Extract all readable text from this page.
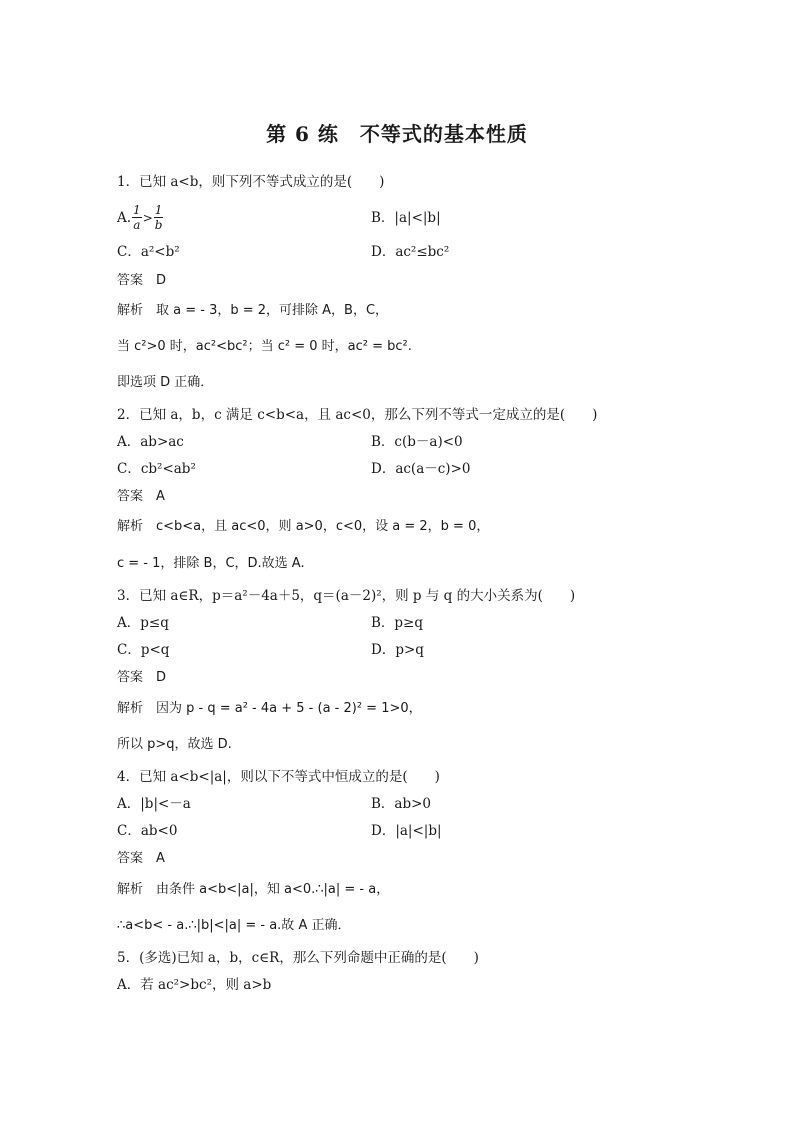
第 6 练　不等式的基本性质
1．已知 a<b，则下列不等式成立的是(　　)
A. $\frac{1}{a} > \frac{1}{b}$	B．|a|<|b|
C．a²<b²	D．ac²≤bc²
答案　D
解析　取 a = - 3，b = 2，可排除 A，B，C，
当 c²>0 时，ac²<bc²；当 c² = 0 时，ac² = bc².
即选项 D 正确．
2．已知 a，b，c 满足 c<b<a，且 ac<0，那么下列不等式一定成立的是(　　)
A．ab>ac	B．c(b－a)<0
C．cb²<ab²	D．ac(a－c)>0
答案　A
解析　c<b<a，且 ac<0，则 a>0，c<0，设 a = 2，b = 0，
c = - 1，排除 B，C，D.故选 A.
3．已知 a∈R，p＝a²－4a＋5，q＝(a－2)²，则 p 与 q 的大小关系为(　　)
A．p≤q	B．p≥q
C．p<q	D．p>q
答案　D
解析　因为 p - q = a² - 4a + 5 - (a - 2)² = 1>0，
所以 p>q，故选 D.
4．已知 a<b<|a|，则以下不等式中恒成立的是(　　)
A．|b|<－a	B．ab>0
C．ab<0	D．|a|<|b|
答案　A
解析　由条件 a<b<|a|，知 a<0.∴|a| = - a，
∴a<b< - a.∴|b|<|a| = - a.故 A 正确．
5．(多选)已知 a，b，c∈R，那么下列命题中正确的是(　　)
A．若 ac²>bc²，则 a>b
